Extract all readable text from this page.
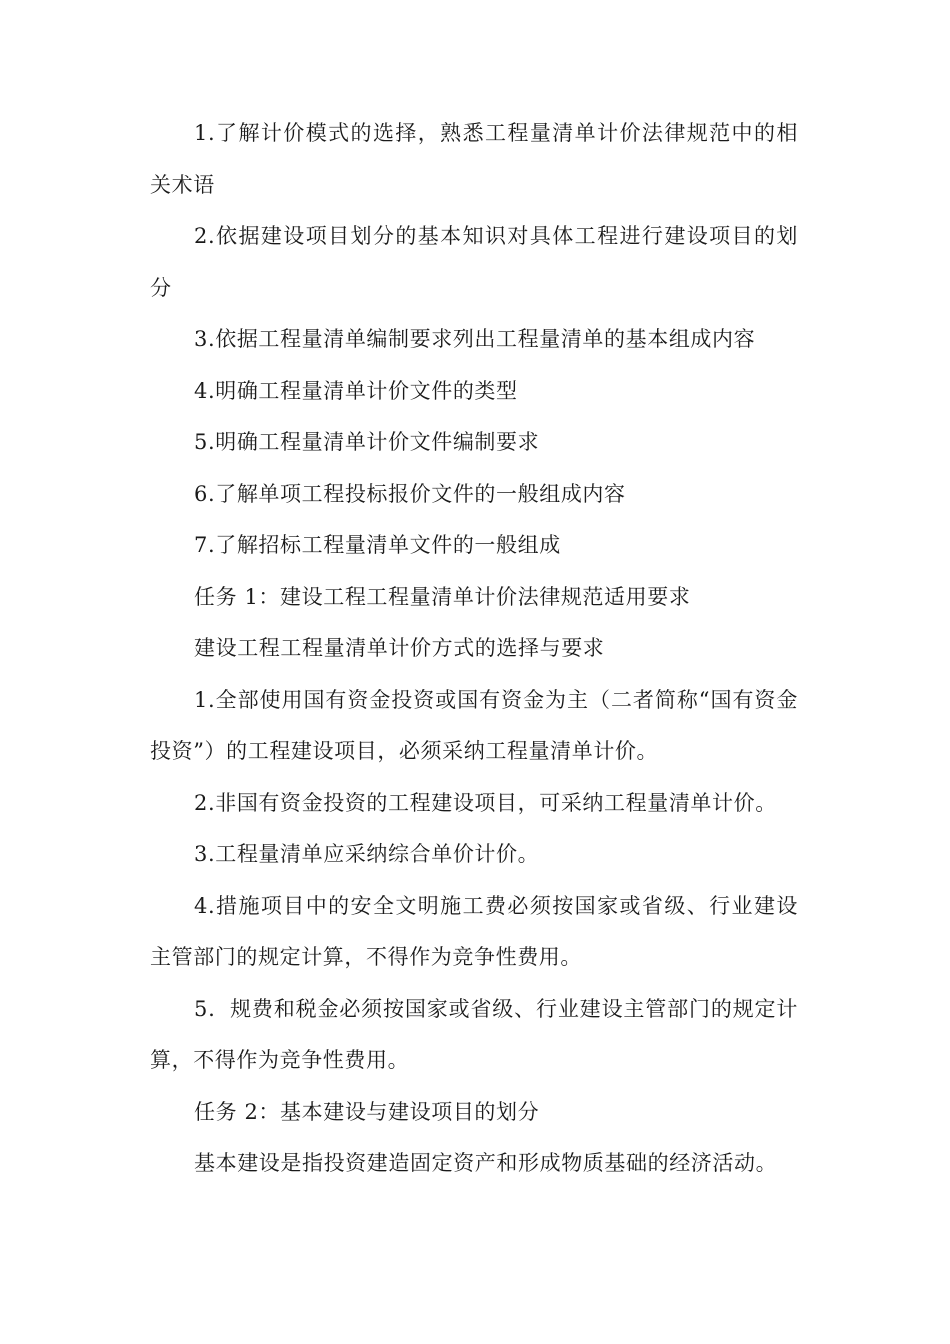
1.了解计价模式的选择，熟悉工程量清单计价法律规范中的相关术语

2.依据建设项目划分的基本知识对具体工程进行建设项目的划分

3.依据工程量清单编制要求列出工程量清单的基本组成内容

4.明确工程量清单计价文件的类型

5.明确工程量清单计价文件编制要求

6.了解单项工程投标报价文件的一般组成内容

7.了解招标工程量清单文件的一般组成

任务 1：建设工程工程量清单计价法律规范适用要求

建设工程工程量清单计价方式的选择与要求

1.全部使用国有资金投资或国有资金为主（二者简称“国有资金投资”）的工程建设项目，必须采纳工程量清单计价。

2.非国有资金投资的工程建设项目，可采纳工程量清单计价。

3.工程量清单应采纳综合单价计价。

4.措施项目中的安全文明施工费必须按国家或省级、行业建设主管部门的规定计算，不得作为竞争性费用。

5．规费和税金必须按国家或省级、行业建设主管部门的规定计算，不得作为竞争性费用。

任务 2：基本建设与建设项目的划分

基本建设是指投资建造固定资产和形成物质基础的经济活动。
